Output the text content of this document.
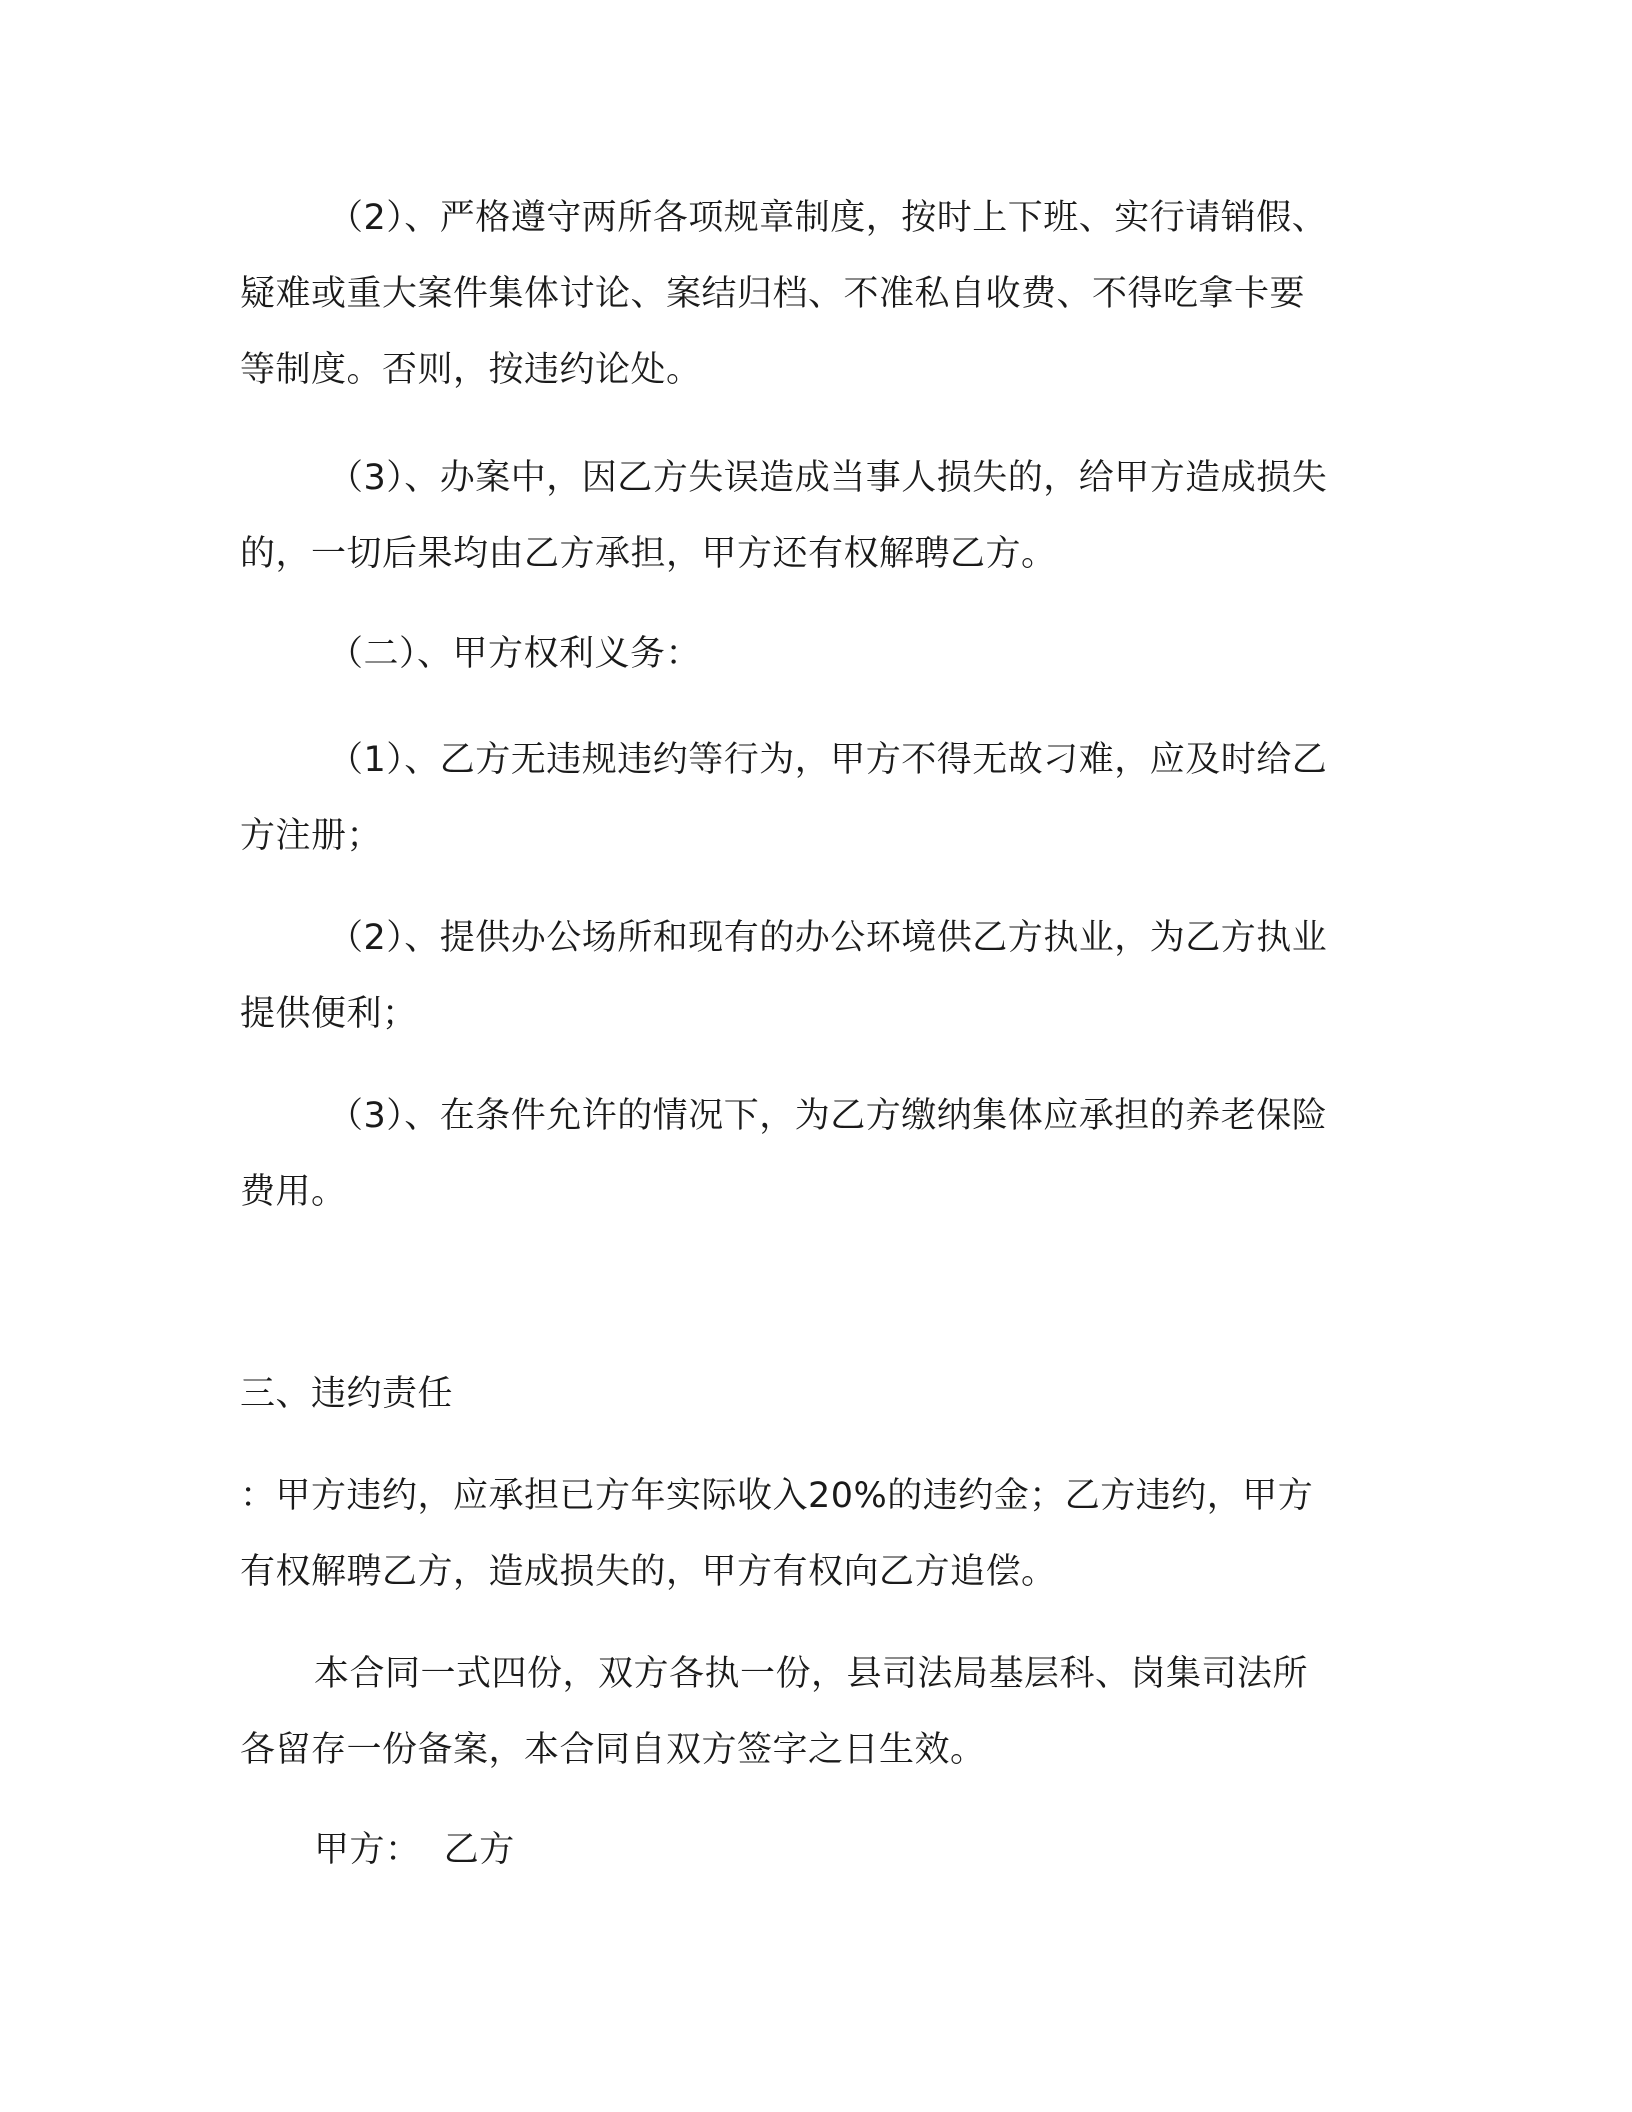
（2）、严格遵守两所各项规章制度，按时上下班、实行请销假、
疑难或重大案件集体讨论、案结归档、不准私自收费、不得吃拿卡要
等制度。否则，按违约论处。

（3）、办案中，因乙方失误造成当事人损失的，给甲方造成损失
的，一切后果均由乙方承担，甲方还有权解聘乙方。

（二）、甲方权利义务：

（1）、乙方无违规违约等行为，甲方不得无故刁难，应及时给乙
方注册；

（2）、提供办公场所和现有的办公环境供乙方执业，为乙方执业
提供便利；

（3）、在条件允许的情况下，为乙方缴纳集体应承担的养老保险
费用。

三、违约责任

：甲方违约，应承担已方年实际收入20%的违约金；乙方违约，甲方
有权解聘乙方，造成损失的，甲方有权向乙方追偿。

本合同一式四份，双方各执一份，县司法局基层科、岗集司法所
各留存一份备案，本合同自双方签字之日生效。

甲方：  乙方
